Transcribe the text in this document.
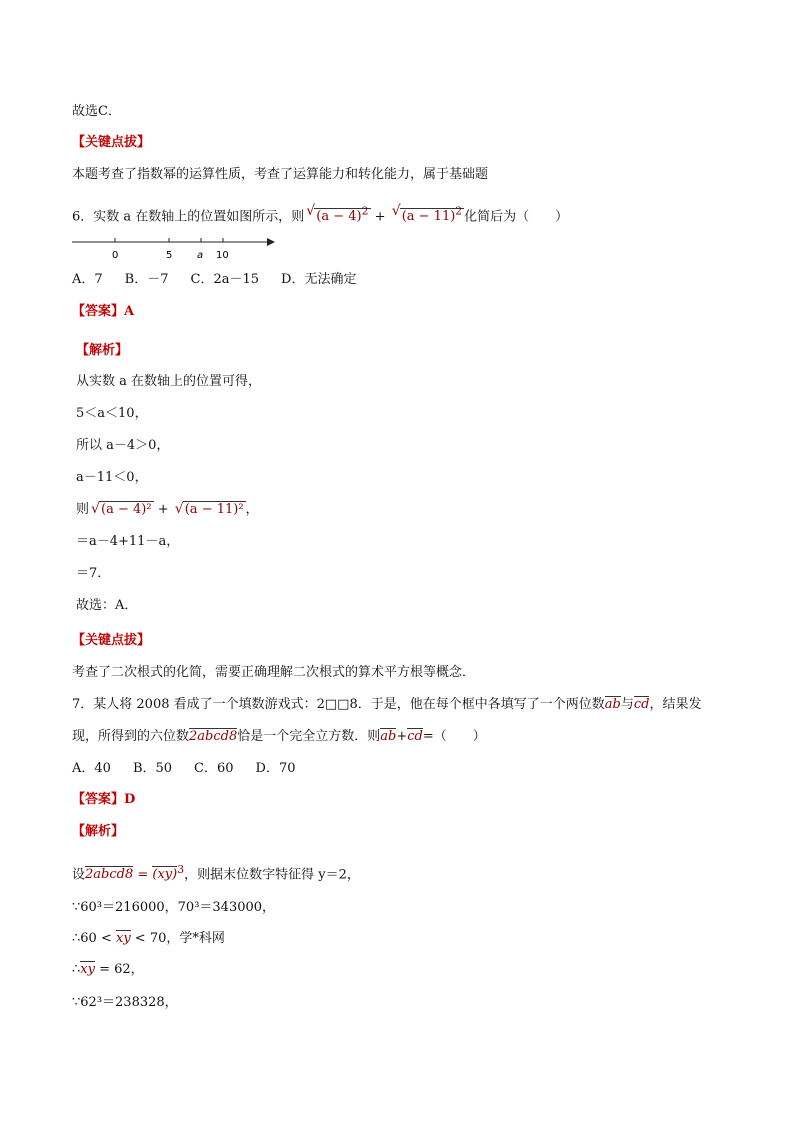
故选C．
【关键点拔】
本题考查了指数幂的运算性质，考查了运算能力和转化能力，属于基础题
6．实数 a 在数轴上的位置如图所示，则 √ $(a - 4)^2$ + √ $(a - 11)^2$ 化简后为（　　）
0	5 a 10
A．7 B．－7 C．2a－15 D．无法确定
【答案】A
【解析】
从实数 a 在数轴上的位置可得，
5＜a＜10，
所以 a－4＞0，
a－11＜0，
则 √ (a − 4)² + √ (a − 11)² ，
＝a－4+11－a，
＝7．
故选：A．
【关键点拔】
考查了二次根式的化简，需要正确理解二次根式的算术平方根等概念．
7．某人将 2008 看成了一个填数游戏式：2□□8．于是，他在每个框中各填写了一个两位数ab与cd，结果发
现，所得到的六位数2abcd8恰是一个完全立方数．则ab+cd=（　　）
A．40 B．50 C．60 D．70
【答案】D
【解析】
设2abcd8 = (xy)$^3$，则据末位数字特征得 y＝2，
∵60³＝216000，70³＝343000，
∴60 < xy < 70，学*科网
∴xy = 62，
∵62³＝238328，
